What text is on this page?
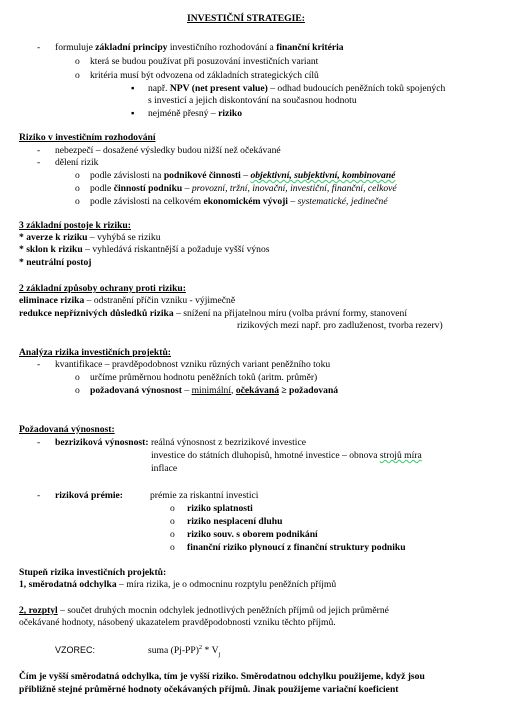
INVESTIČNÍ STRATEGIE:
- formuluje základní principy investičního rozhodování a finanční kritéria
o která se budou používat při posuzování investičních variant
o kritéria musí být odvozena od základních strategických cílů
▪ např. NPV (net present value) – odhad budoucích peněžních toků spojených
s investicí a jejich diskontování na současnou hodnotu
▪ nejméně přesný – riziko
Riziko v investičním rozhodování
- nebezpečí – dosažené výsledky budou nižší než očekávané
- dělení rizik
o podle závislosti na podnikové činnosti – objektivní, subjektivní, kombinované
o podle činností podniku – provozní, tržní, inovační, investiční, finanční, celkové
o podle závislosti na celkovém ekonomickém vývoji – systematické, jedinečné
3 základní postoje k riziku:
* averze k riziku – vyhýbá se riziku
* sklon k riziku – vyhledává riskantnější a požaduje vyšší výnos
* neutrální postoj
2 základní způsoby ochrany proti riziku:
eliminace rizika – odstranění příčin vzniku - výjimečně
redukce nepříznivých důsledků rizika – snížení na přijatelnou míru (volba právní formy, stanovení
rizikových mezi např. pro zadluženost, tvorba rezerv)
Analýza rizika investičních projektů:
- kvantifikace – pravděpodobnost vzniku různých variant peněžního toku
o určíme průměrnou hodnotu peněžních toků (aritm. průměr)
o požadovaná výnosnost – minimální, očekávaná ≥ požadovaná
Požadovaná výnosnost:
- bezriziková výnosnost: reálná výnosnost z bezrizikové investice
investice do státních dluhopisů, hmotné investice – obnova strojů míra
inflace
- riziková prémie:	prémie za riskantní investici
o riziko splatnosti
o riziko nesplacení dluhu
o riziko souv. s oborem podnikání
o finanční riziko plynoucí z finanční struktury podniku
Stupeň rizika investičních projektů:
1, směrodatná odchylka – míra rizika, je o odmocninu rozptylu peněžních příjmů
2, rozptyl – součet druhých mocnin odchylek jednotlivých peněžních příjmů od jejich průměrné
očekávané hodnoty, násobený ukazatelem pravděpodobnosti vzniku těchto příjmů.
VZOREC:	suma $(Pj-PP)^2 * V_j$
Čím je vyšší směrodatná odchylka, tím je vyšší riziko. Směrodatnou odchylku použijeme, když jsou
přibližně stejné průměrné hodnoty očekávaných příjmů. Jinak použijeme variační koeficient
